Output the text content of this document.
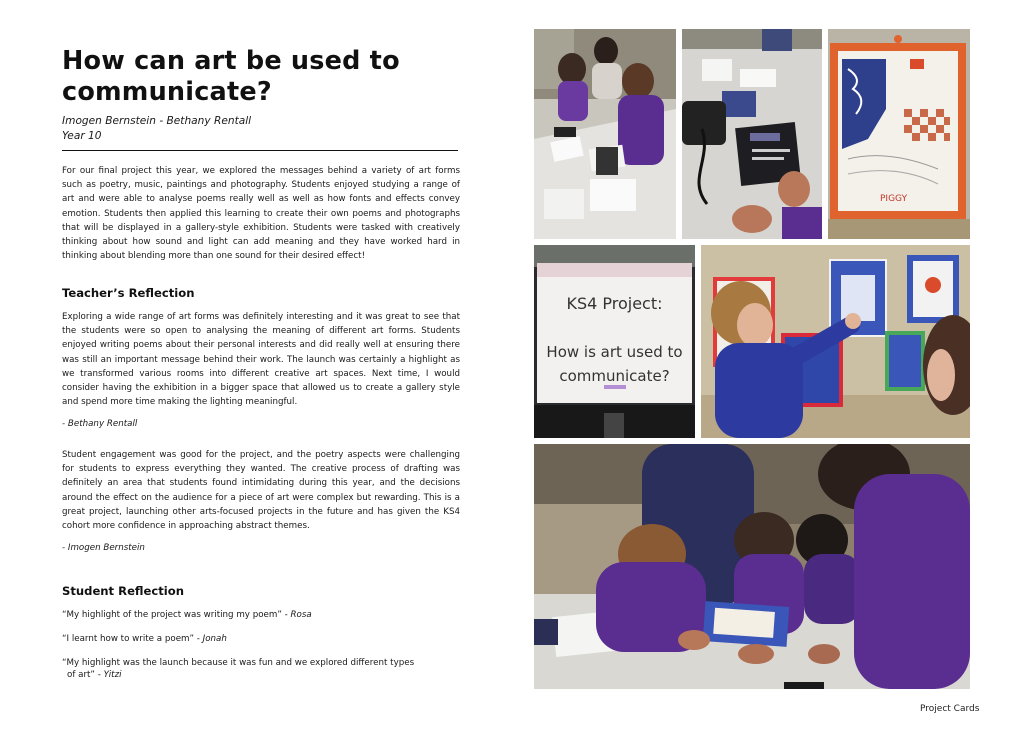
How can art be used to communicate?
Imogen Bernstein - Bethany Rentall
Year 10

For our final project this year, we explored the messages behind a variety of art forms such as poetry, music, paintings and photography. Students enjoyed studying a range of art and were able to analyse poems really well as well as how fonts and effects convey emotion. Students then applied this learning to create their own poems and photographs that will be displayed in a gallery-style exhibition. Students were tasked with creatively thinking about how sound and light can add meaning and they have worked hard in thinking about blending more than one sound for their desired effect!

Teacher’s Reflection

Exploring a wide range of art forms was definitely interesting and it was great to see that the students were so open to analysing the meaning of different art forms. Students enjoyed writing poems about their personal interests and did really well at ensuring there was still an important message behind their work. The launch was certainly a highlight as we transformed various rooms into different creative art spaces. Next time, I would consider having the exhibition in a bigger space that allowed us to create a gallery style and spend more time making the lighting meaningful.

- Bethany Rentall

Student engagement was good for the project, and the poetry aspects were challenging for students to express everything they wanted. The creative process of drafting was definitely an area that students found intimidating during this year, and the decisions around the effect on the audience for a piece of art were complex but rewarding. This is a great project, launching other arts-focused projects in the future and has given the KS4 cohort more confidence in approaching abstract themes.

- Imogen Bernstein
Student Reflection
“My highlight of the project was writing my poem” - Rosa
“I learnt how to write a poem” - Jonah
“My highlight was the launch because it was fun and we explored different types
of art” - Yitzi
PIGGY
KS4 Project:
How is art used to
communicate?
Project Cards
